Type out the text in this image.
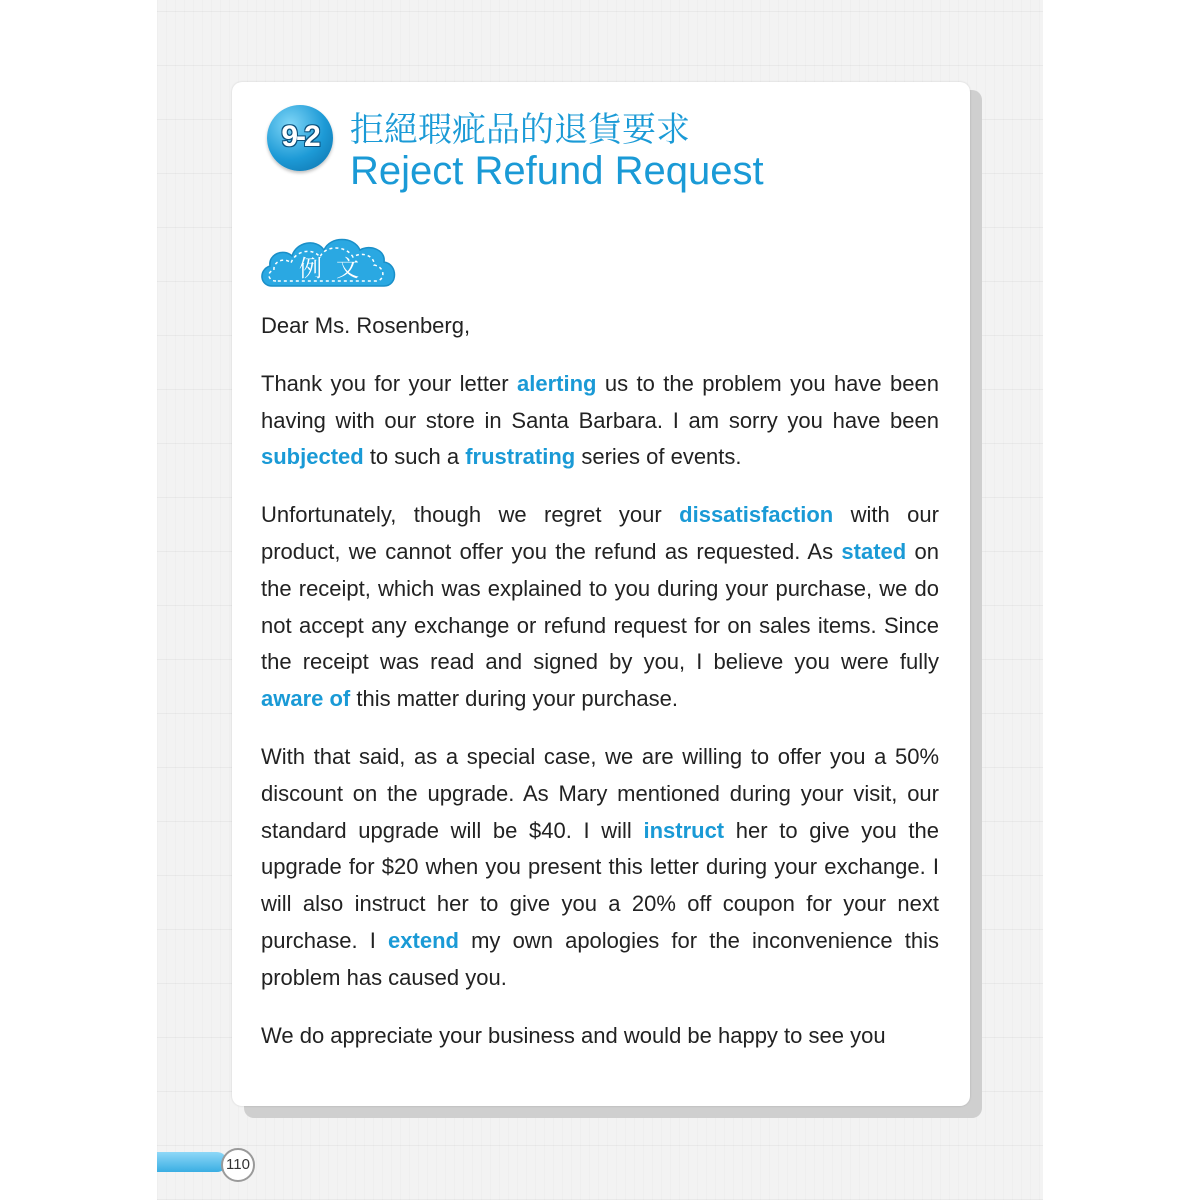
9-2 拒絕瑕疵品的退貨要求
Reject Refund Request
例文

Dear Ms. Rosenberg,

Thank you for your letter alerting us to the problem you have been having with our store in Santa Barbara. I am sorry you have been subjected to such a frustrating series of events.

Unfortunately, though we regret your dissatisfaction with our product, we cannot offer you the refund as requested. As stated on the receipt, which was explained to you during your purchase, we do not accept any exchange or refund request for on sales items. Since the receipt was read and signed by you, I believe you were fully aware of this matter during your purchase.

With that said, as a special case, we are willing to offer you a 50% discount on the upgrade. As Mary mentioned during your visit, our standard upgrade will be $40. I will instruct her to give you the upgrade for $20 when you present this letter during your exchange. I will also instruct her to give you a 20% off coupon for your next purchase. I extend my own apologies for the inconvenience this problem has caused you.

We do appreciate your business and would be happy to see you

110
